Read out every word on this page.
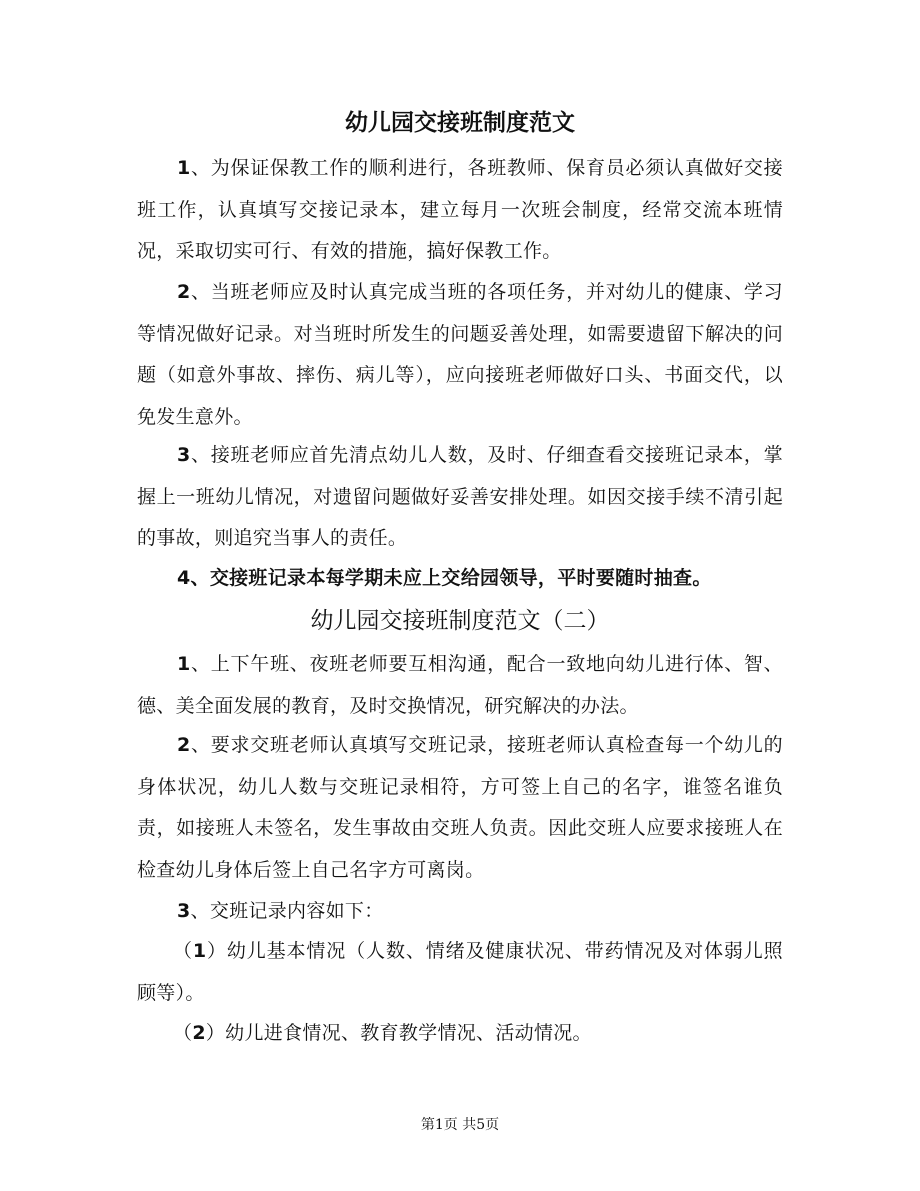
幼儿园交接班制度范文

1、为保证保教工作的顺利进行，各班教师、保育员必须认真做好交接班工作，认真填写交接记录本，建立每月一次班会制度，经常交流本班情况，采取切实可行、有效的措施，搞好保教工作。

2、当班老师应及时认真完成当班的各项任务，并对幼儿的健康、学习等情况做好记录。对当班时所发生的问题妥善处理，如需要遗留下解决的问题（如意外事故、摔伤、病儿等），应向接班老师做好口头、书面交代，以免发生意外。

3、接班老师应首先清点幼儿人数，及时、仔细查看交接班记录本，掌握上一班幼儿情况，对遗留问题做好妥善安排处理。如因交接手续不清引起的事故，则追究当事人的责任。

4、交接班记录本每学期未应上交给园领导，平时要随时抽查。

幼儿园交接班制度范文（二）

1、上下午班、夜班老师要互相沟通，配合一致地向幼儿进行体、智、德、美全面发展的教育，及时交换情况，研究解决的办法。

2、要求交班老师认真填写交班记录，接班老师认真检查每一个幼儿的身体状况，幼儿人数与交班记录相符，方可签上自己的名字，谁签名谁负责，如接班人未签名，发生事故由交班人负责。因此交班人应要求接班人在检查幼儿身体后签上自己名字方可离岗。

3、交班记录内容如下：

（1）幼儿基本情况（人数、情绪及健康状况、带药情况及对体弱儿照顾等）。

（2）幼儿进食情况、教育教学情况、活动情况。

第1页 共5页
